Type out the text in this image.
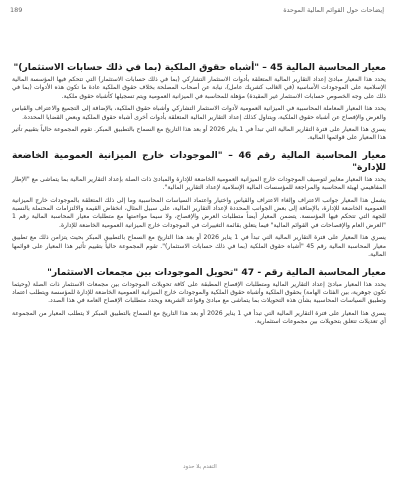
189	إيضاحات حول القوائم المالية الموحدة
معيار المحاسبة المالية 45 – "أشباه حقوق الملكية (بما في ذلك حسابات الاستثمار)"
يحدد هذا المعيار مبادئ إعداد التقارير المالية المتعلقة بأدوات الاستثمار التشاركي (بما في ذلك حسابات الاستثمار) التي تتحكم فيها المؤسسة المالية الإسلامية على الموجودات الأساسية (في الغالب كشريك عامل)، نيابة عن أصحاب المصلحة بخلاف حقوق الملكية عادة ما تكون هذه الأدوات (بما في ذلك على وجه الخصوص حسابات الاستثمار غير المقيدة) مؤهلة للمحاسبة في الميزانية العمومية ويتم تسجيلها كأشباه حقوق ملكية.
يحدد هذا المعيار المعاملة المحاسبية في الميزانية العمومية لأدوات الاستثمار التشاركي وأشباه حقوق الملكية، بالإضافة إلى التجميع والاعتراف والقياس والعرض والإفصاح عن أشباه حقوق الملكية، ويتناول كذلك إعداد التقارير المالية المتعلقة بأدوات أخرى أشباه حقوق الملكية وبعض القضايا المحددة.
يسري هذا المعيار على فترة التقارير المالية التي تبدأ في 1 يناير 2026 أو بعد هذا التاريخ مع السماح بالتطبيق المبكر. تقوم المجموعة حالياً بتقييم تأثير هذا المعيار على قوائمها المالية.
معيار المحاسبة المالية رقم 46 – "الموجودات خارج الميزانية العمومية الخاضعة للإدارة"
يحدد هذا المعيار معايير لتوصيف الموجودات خارج الميزانية العمومية الخاضعة للإدارة والمبادئ ذات الصلة بإعداد التقارير المالية بما يتماشى مع "الإطار المفاهيمي لهيئة المحاسبة والمراجعة للمؤسسات المالية الإسلامية لإعداد التقارير المالية".
يشمل هذا المعيار جوانب الاعتراف وإلغاء الاعتراف والقياس واختيار واعتماد السياسات المحاسبية وما إلى ذلك المتعلقة بالموجودات خارج الميزانية العمومية الخاضعة للإدارة، بالإضافة إلى بعض الجوانب المحددة لإعداد التقارير المالية، على سبيل المثال، انخفاض القيمة والالتزامات المحتملة بالنسبة للجهة التي تتحكم فيها المؤسسة. يتضمن المعيار أيضاً متطلبات العرض والإفصاح، ولا سيما مواءمتها مع متطلبات معيار المحاسبة المالية رقم 1 "العرض العام والإفصاحات في القوائم المالية" فيما يتعلق بقائمة التغييرات في الموجودات خارج الميزانية العمومية الخاضعة للإدارة.
يسري هذا المعيار على فترة التقارير المالية التي تبدأ في 1 يناير 2026 أو بعد هذا التاريخ مع السماح بالتطبيق المبكر بحيث يتزامن ذلك مع تطبيق معيار المحاسبة المالية رقم 45 "أشباه حقوق الملكية (بما في ذلك حسابات الاستثمار)". تقوم المجموعة حالياً بتقييم تأثير هذا المعيار على قوائمها المالية.
معيار المحاسبة المالية رقم - 47 "تحويل الموجودات بين مجمعات الاستثمار"
يحدد هذا المعيار مبادئ إعداد التقارير المالية ومتطلبات الإفصاح المطبقة على كافة تحويلات الموجودات بين مجمعات الاستثمار ذات الصلة (وحيثما تكون جوهرية، بين الفئات الهامة) بحقوق الملكية وأشباه حقوق الملكية والموجودات خارج الميزانية العمومية الخاضعة للإدارة للمؤسسة ويتطلب اعتماد وتطبيق السياسات المحاسبية بشأن هذه التحويلات بما يتماشى مع مبادئ وقواعد الشريعة ويحدد متطلبات الإفصاح العامة في هذا الصدد.
يسري هذا المعيار على فترة التقارير المالية التي تبدأ في 1 يناير 2026 أو بعد هذا التاريخ مع السماح بالتطبيق المبكر لا يتطلب المعيار من المجموعة أي تعديلات تتعلق بتحويلات بين مجموعات استثمارية.
التقدم بلا حدود
